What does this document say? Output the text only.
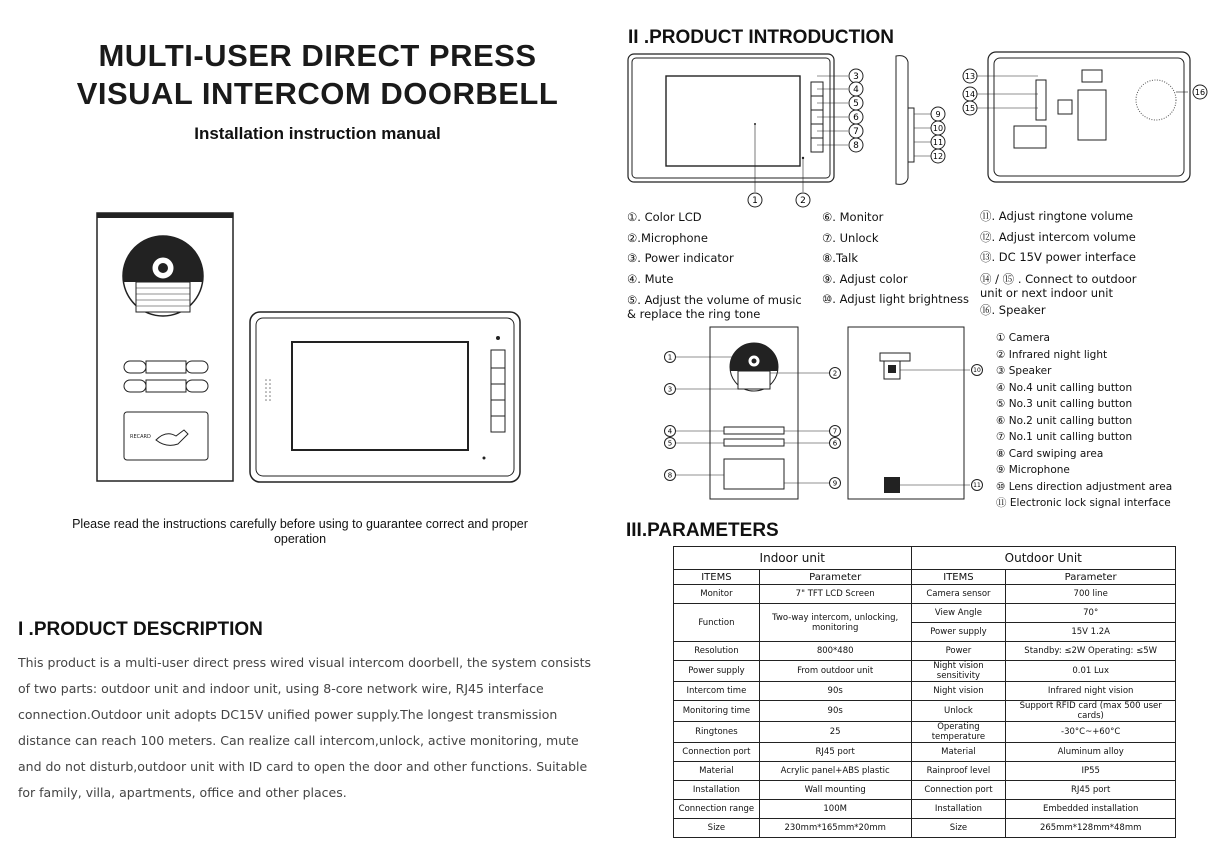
MULTI-USER DIRECT PRESS
VISUAL INTERCOM DOORBELL
Installation instruction manual
RECARD
Please read the instructions carefully before using to guarantee correct and proper operation
I .PRODUCT DESCRIPTION
This product is a multi-user direct press wired visual intercom doorbell, the system consists of two parts: outdoor unit and indoor unit, using 8-core network wire, RJ45 interface connection.Outdoor unit adopts DC15V unified power supply.The longest transmission distance can reach 100 meters. Can realize call intercom,unlock, active monitoring, mute and do not disturb,outdoor unit with ID card to open the door and other functions. Suitable for family, villa, apartments, office and other places.
II .PRODUCT INTRODUCTION
3
4
5
6
7
8
1	2
9
10
11
12
13
14
15
16
①. Color LCD
②.Microphone
③. Power indicator
④. Mute
⑤. Adjust the volume of music
& replace the ring tone
⑥. Monitor
⑦. Unlock
⑧.Talk
⑨. Adjust color
⑩. Adjust light brightness
⑪. Adjust ringtone volume
⑫. Adjust intercom volume
⑬. DC 15V power interface
⑭ / ⑮ . Connect to outdoor
unit or next indoor unit
⑯. Speaker
1
3
2
4
5
7
6
8
9
10
11
① Camera
② Infrared night light
③ Speaker
④ No.4 unit calling button
⑤ No.3 unit calling button
⑥ No.2 unit calling button
⑦ No.1 unit calling button
⑧ Card swiping area
⑨ Microphone
⑩ Lens direction adjustment area
⑪ Electronic lock signal interface
III.PARAMETERS
Indoor unit		Outdoor Unit	
ITEMS	Parameter	ITEMS	Parameter
Monitor	7" TFT LCD Screen	Camera sensor	700 line
Function	Two-way intercom, unlocking, monitoring	View Angle	70°
		Power supply	15V 1.2A
Resolution	800*480	Power	Standby: ≤2W Operating: ≤5W
Power supply	From outdoor unit	Night vision sensitivity	0.01 Lux
Intercom time	90s	Night vision	Infrared night vision
Monitoring time	90s	Unlock	Support RFID card (max 500 user cards)
Ringtones	25	Operating temperature	-30°C~+60°C
Connection port	RJ45 port	Material	Aluminum alloy
Material	Acrylic panel+ABS plastic	Rainproof level	IP55
Installation	Wall mounting	Connection port	RJ45 port
Connection range	100M	Installation	Embedded installation
Size	230mm*165mm*20mm	Size	265mm*128mm*48mm
